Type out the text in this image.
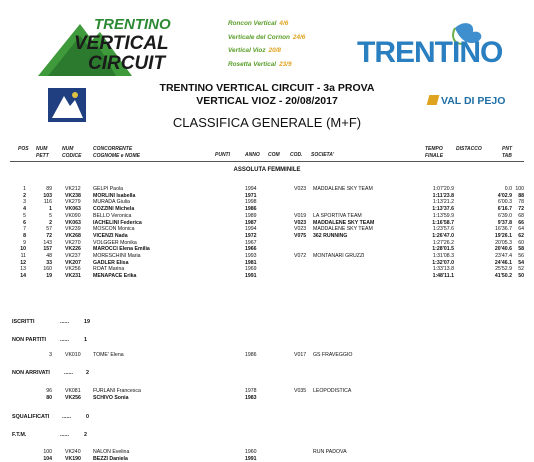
TRENTINO
VERTICAL
CIRCUIT
Roncon Vertical 4/6
Verticale del Cornon 24/6
Vertical Vioz 20/8
Rosetta Vertical 23/9	TRENTINO
TRENTINO VERTICAL CIRCUIT - 3a PROVA
VERTICAL VIOZ - 20/08/2017	VAL DI PEJO
CLASSIFICA GENERALE (M+F)
POS NUM
PETT
NUM
CODICE
CONCORRENTE
COGNOME e NOME	PUNTI	ANNO COM COD. SOCIETA'
TEMPO
FINALE
DISTACCO	PNT
TAB
ASSOLUTA FEMMINILE
1	89	VK212 GELPI Paola	1994	V023 MADDALENE SKY TEAM	1:07'20.9	0.0 100
2	103	VK238 MORLINI Isabella	1971	1:11'23.8	4'02.9	88
3	116	VK279 MURADA Giulia	1998	1:13'21.2	6'00.3	78
4	1	VK063 COZZINI Michela	1986	1:13'37.6	6'16.7	72
5	5	VK090 BELLO Veronica	1989	V019 LA SPORTIVA TEAM	1:13'59.9	6'39.0	68
6	2	VK063 IACHELINI Federica	1987	V023 MADDALENE SKY TEAM	1:16'58.7	9'37.8	66
7	57	VK239 MOSCON Monica	1994	V023 MADDALENE SKY TEAM	1:23'57.6	16'36.7	64
8	72	VK268 VICENZI Nada	1972	V075 362 RUNNING	1:26'47.0	19'26.1	62
9	143	VK270 VOLGGER Monika	1967	1:27'26.2	20'05.3	60
10	157	VK226 MAROCCI Elena Emilia	1966	1:28'01.5	20'40.6	58
11	48	VK237 MORESCHINI Maria	1993	V072 MONTANARI GRUZZI	1:31'08.3	23'47.4	56
12	33	VK207 GADLER Elisa	1981	1:32'07.0	24'46.1	54
13	160	VK256 ROAT Marina	1969	1:33'13.8	25'52.9	52
14	19	VK231 MENAPACE Erika	1991	1:48'11.1	41'50.2	50
3	VK010 TOME' Elena	1986	V017 GS FRAVEGGIO
96	VK081 FURLANI Francesca	1978	V035 LEOPODISTICA
80	VK256 SCHIVO Sonia	1983
100	VK240 NALON Evelina	1960	RUN PADOVA
104	VK190 BEZZI Daniela	1991
ISCRITTI	......	19
NON PARTITI	......	1
NON ARRIVATI	...... 2
SQUALIFICATI ......	0
F.T.M.	......	2
